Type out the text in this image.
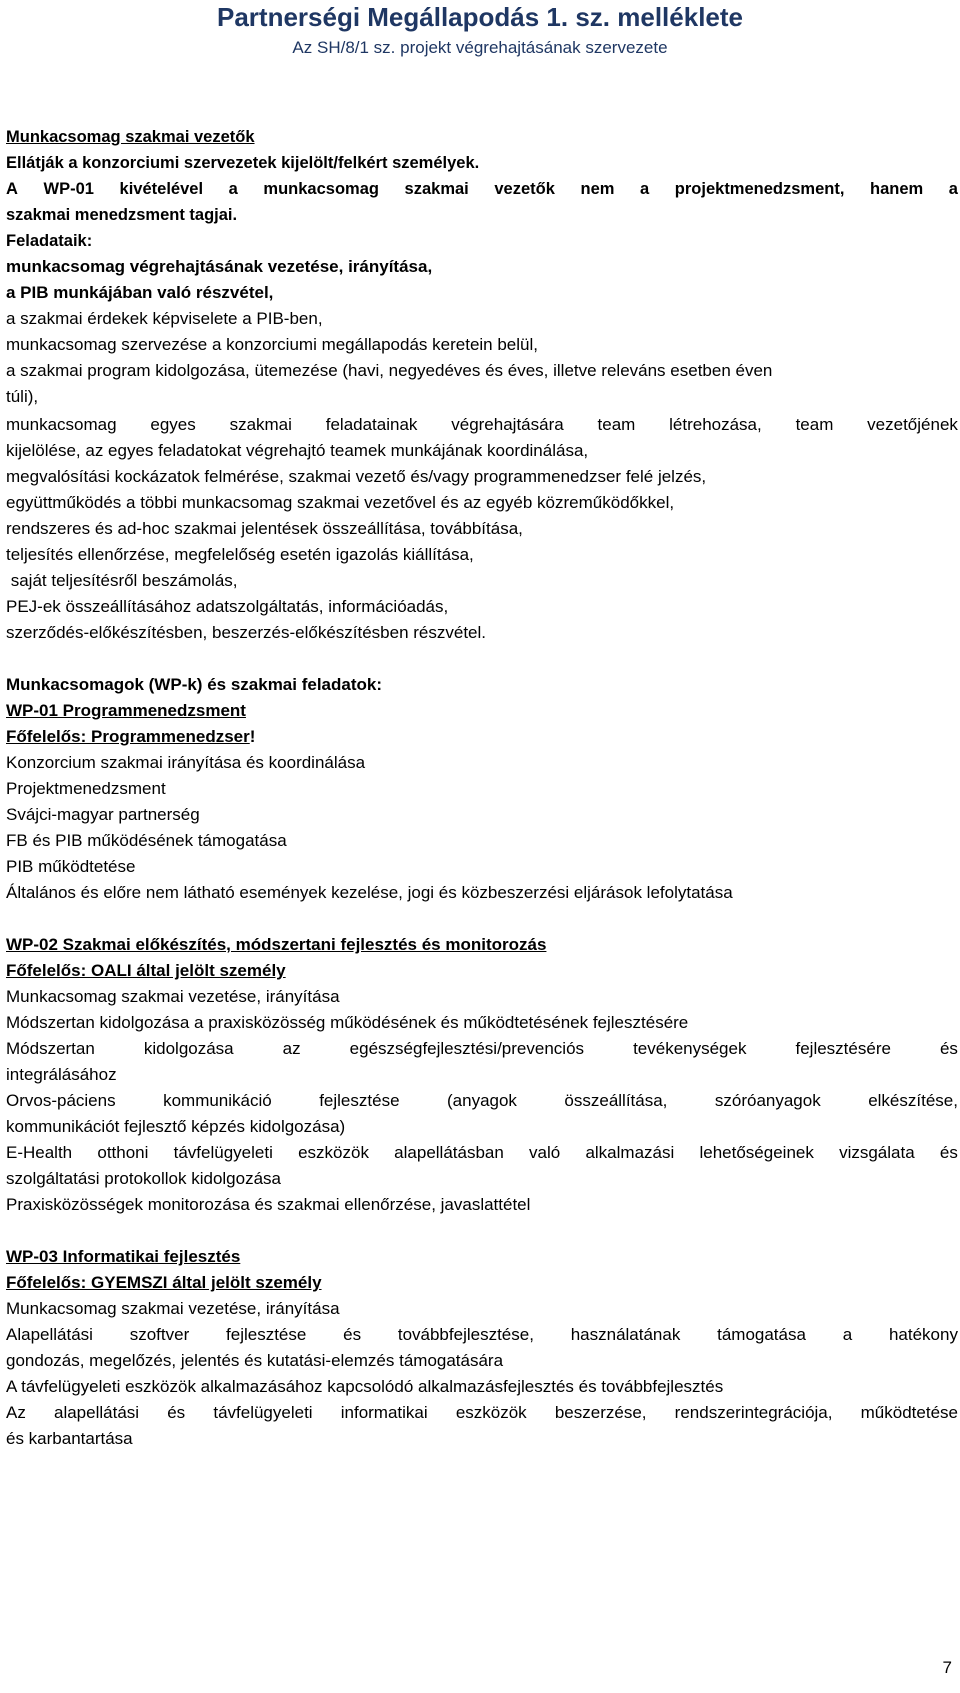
Partnerségi Megállapodás 1. sz. melléklete
Az SH/8/1 sz. projekt végrehajtásának szervezete
Munkacsomag szakmai vezetők
Ellátják a konzorciumi szervezetek kijelölt/felkért személyek.
A WP-01 kivételével a munkacsomag szakmai vezetők nem a projektmenedzsment, hanem a
szakmai menedzsment tagjai.
Feladataik:
munkacsomag végrehajtásának vezetése, irányítása,
a PIB munkájában való részvétel,
a szakmai érdekek képviselete a PIB-ben,
munkacsomag szervezése a konzorciumi megállapodás keretein belül,
a szakmai program kidolgozása, ütemezése (havi, negyedéves és éves, illetve releváns esetben éven
túli),
munkacsomag egyes szakmai feladatainak végrehajtására team létrehozása, team vezetőjének
kijelölése, az egyes feladatokat végrehajtó teamek munkájának koordinálása,
megvalósítási kockázatok felmérése, szakmai vezető és/vagy programmenedzser felé jelzés,
együttműködés a többi munkacsomag szakmai vezetővel és az egyéb közreműködőkkel,
rendszeres és ad-hoc szakmai jelentések összeállítása, továbbítása,
teljesítés ellenőrzése, megfelelőség esetén igazolás kiállítása,
saját teljesítésről beszámolás,
PEJ-ek összeállításához adatszolgáltatás, információadás,
szerződés-előkészítésben, beszerzés-előkészítésben részvétel.
Munkacsomagok (WP-k) és szakmai feladatok:
WP-01 Programmenedzsment
Főfelelős: Programmenedzser!
Konzorcium szakmai irányítása és koordinálása
Projektmenedzsment
Svájci-magyar partnerség
FB és PIB működésének támogatása
PIB működtetése
Általános és előre nem látható események kezelése, jogi és közbeszerzési eljárások lefolytatása
WP-02 Szakmai előkészítés, módszertani fejlesztés és monitorozás
Főfelelős: OALI által jelölt személy
Munkacsomag szakmai vezetése, irányítása
Módszertan kidolgozása a praxisközösség működésének és működtetésének fejlesztésére
Módszertan	kidolgozása	az	egészségfejlesztési/prevenciós	tevékenységek	fejlesztésére	és
integrálásához
Orvos-páciens	kommunikáció	fejlesztése	(anyagok	összeállítása,	szóróanyagok	elkészítése,
kommunikációt fejlesztő képzés kidolgozása)
E-Health otthoni távfelügyeleti eszközök alapellátásban való alkalmazási lehetőségeinek vizsgálata és
szolgáltatási protokollok kidolgozása
Praxisközösségek monitorozása és szakmai ellenőrzése, javaslattétel
WP-03 Informatikai fejlesztés
Főfelelős: GYEMSZI által jelölt személy
Munkacsomag szakmai vezetése, irányítása
Alapellátási szoftver fejlesztése és továbbfejlesztése, használatának támogatása a hatékony
gondozás, megelőzés, jelentés és kutatási-elemzés támogatására
A távfelügyeleti eszközök alkalmazásához kapcsolódó alkalmazásfejlesztés és továbbfejlesztés
Az alapellátási és távfelügyeleti informatikai eszközök beszerzése, rendszerintegrációja, működtetése
és karbantartása
7
